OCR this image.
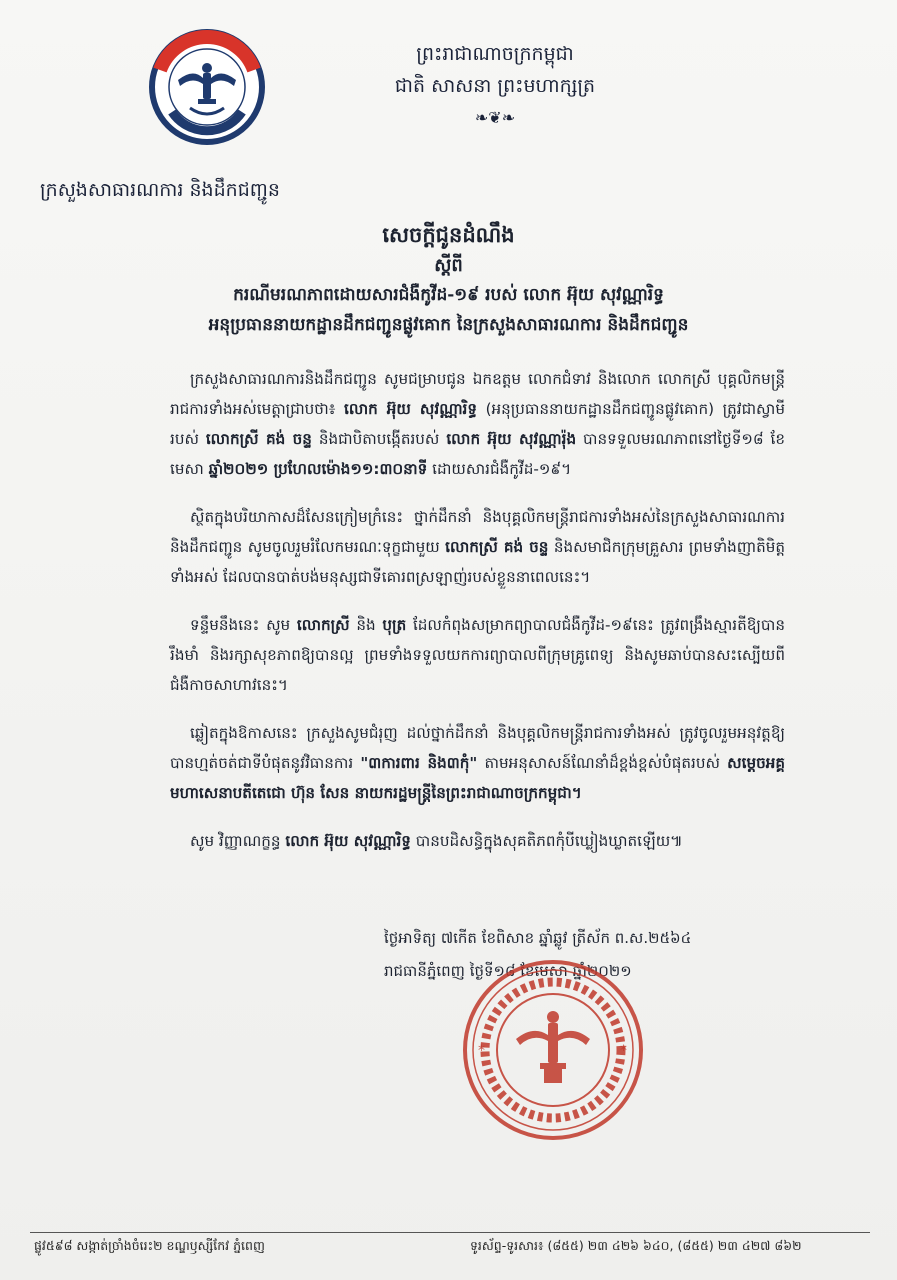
ព្រះរាជាណាចក្រកម្ពុជា
ជាតិ សាសនា ព្រះមហាក្សត្រ
❧❦❧
ក្រសួងសាធារណការ និងដឹកជញ្ជូន
សេចក្តីជូនដំណឹង
ស្តីពី
ករណីមរណភាពដោយសារជំងឺកូវីដ-១៩ របស់ លោក អ៊ុយ សុវណ្ណារិទ្ធ
អនុប្រធាននាយកដ្ឋានដឹកជញ្ជូនផ្លូវគោក នៃក្រសួងសាធារណការ និងដឹកជញ្ជូន

ក្រសួងសាធារណការនិងដឹកជញ្ជូន សូមជម្រាបជូន ឯកឧត្តម លោកជំទាវ និងលោក លោកស្រី បុគ្គលិកមន្ត្រីរាជការទាំងអស់មេត្តាជ្រាបថា៖ លោក អ៊ុយ សុវណ្ណារិទ្ធ (អនុប្រធាននាយកដ្ឋានដឹកជញ្ជូនផ្លូវគោក) ត្រូវជាស្វាមីរបស់ លោកស្រី គង់ ចន្ទ និងជាបិតាបង្កើតរបស់ លោក អ៊ុយ សុវណ្ណារ៉ុង បានទទួលមរណភាពនៅថ្ងៃទី១៨ ខែមេសា ឆ្នាំ២០២១ ប្រហែលម៉ោង១១:៣០នាទី ដោយសារជំងឺកូវីដ-១៩។

ស្ថិតក្នុងបរិយាកាសដ៏សែនក្រៀមក្រំនេះ ថ្នាក់ដឹកនាំ និងបុគ្គលិកមន្ត្រីរាជការទាំងអស់នៃក្រសួងសាធារណការនិងដឹកជញ្ជូន សូមចូលរួមរំលែកមរណៈទុក្ខជាមួយ លោកស្រី គង់ ចន្ទ និងសមាជិកក្រុមគ្រួសារ ព្រមទាំងញាតិមិត្តទាំងអស់ ដែលបានបាត់បង់មនុស្សជាទីគោរពស្រឡាញ់របស់ខ្លួននាពេលនេះ។

ទន្ទឹមនឹងនេះ សូម លោកស្រី និង បុត្រ ដែលកំពុងសម្រាកព្យាបាលជំងឺកូវីដ-១៩នេះ ត្រូវពង្រឹងស្មារតីឱ្យបានរឹងមាំ និងរក្សាសុខភាពឱ្យបានល្អ ព្រមទាំងទទួលយកការព្យាបាលពីក្រុមគ្រូពេទ្យ និងសូមឆាប់បានសះស្បើយពីជំងឺកាចសាហាវនេះ។

ឆ្លៀតក្នុងឱកាសនេះ ក្រសួងសូមជំរុញ ដល់ថ្នាក់ដឹកនាំ និងបុគ្គលិកមន្ត្រីរាជការទាំងអស់ ត្រូវចូលរួមអនុវត្តឱ្យបានហ្មត់ចត់ជាទីបំផុតនូវវិធានការ "៣ការពារ និង៣កុំ" តាមអនុសាសន៍ណែនាំដ៏ខ្ពង់ខ្ពស់បំផុតរបស់ សម្តេចអគ្គមហាសេនាបតីតេជោ ហ៊ុន សែន នាយករដ្ឋមន្ត្រីនៃព្រះរាជាណាចក្រកម្ពុជា។

សូម វិញ្ញាណក្ខន្ធ លោក អ៊ុយ សុវណ្ណារិទ្ធ បានបដិសន្ធិក្នុងសុគតិភពកុំបីឃ្លៀងឃ្លាតឡើយ៕

ថ្ងៃអាទិត្យ ៧កើត ខែពិសាខ ឆ្នាំឆ្លូវ ត្រីស័ក ព.ស.២៥៦៤
រាជធានីភ្នំពេញ ថ្ងៃទី១៨ ខែមេសា ឆ្នាំ២០២១
*	*
ផ្លូវ៥៩៨ សង្កាត់ច្រាំងចំរេះ២ ខណ្ឌឫស្សីកែវ ភ្នំពេញ	ទូរស័ព្ទ-ទូរសារ៖ (៨៥៥) ២៣ ៤២៦ ៦៤០, (៨៥៥) ២៣ ៤២៧ ៨៦២
